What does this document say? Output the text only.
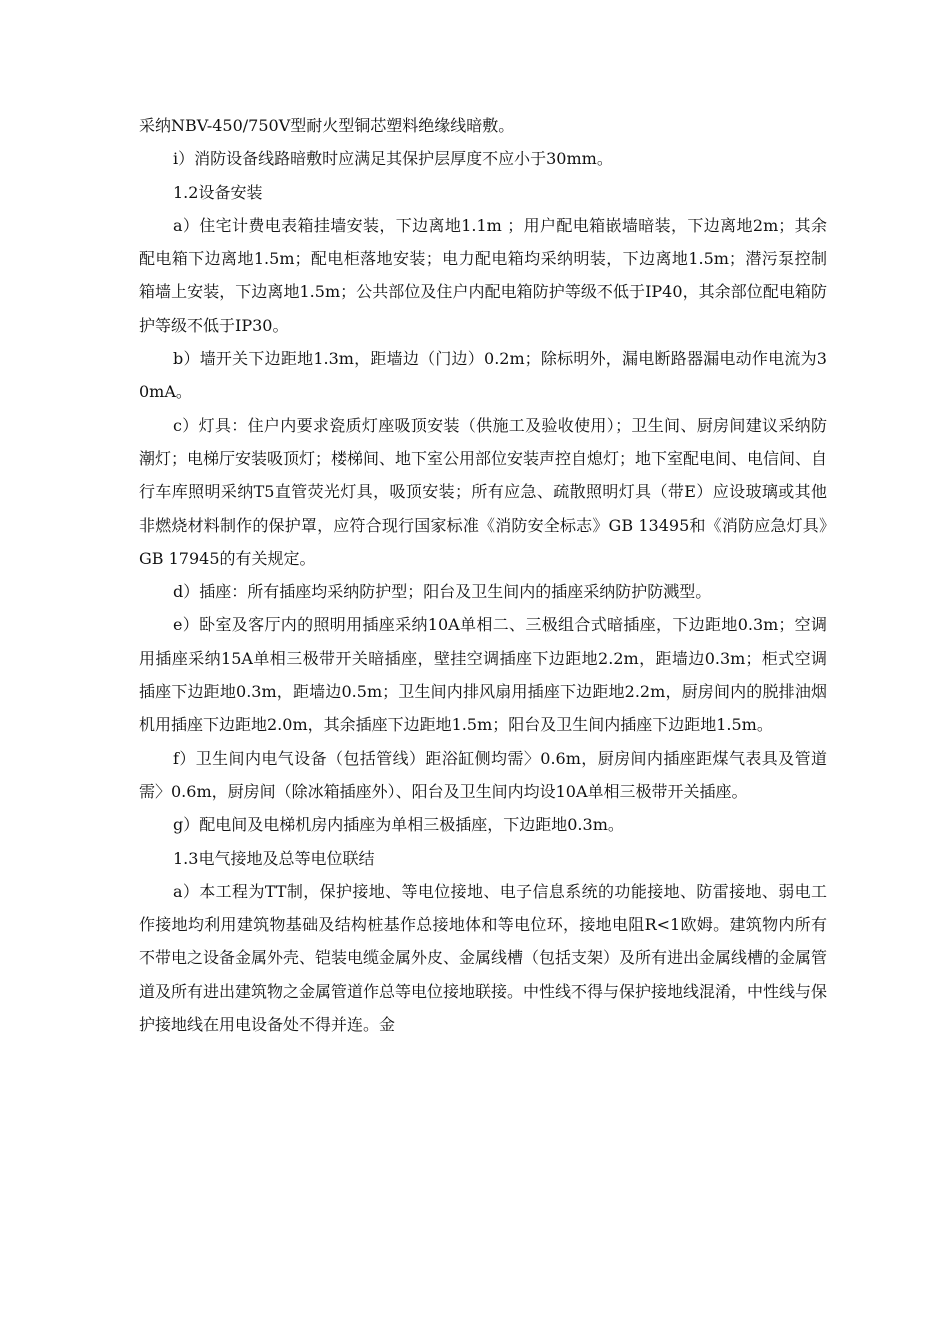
采纳NBV-450/750V型耐火型铜芯塑料绝缘线暗敷。

i）消防设备线路暗敷时应满足其保护层厚度不应小于30mm。

1.2设备安装

a）住宅计费电表箱挂墙安装，下边离地1.1m ；用户配电箱嵌墙暗装，下边离地2m；其余配电箱下边离地1.5m；配电柜落地安装；电力配电箱均采纳明装，下边离地1.5m；潜污泵控制箱墙上安装，下边离地1.5m；公共部位及住户内配电箱防护等级不低于IP40，其余部位配电箱防护等级不低于IP30。

b）墙开关下边距地1.3m，距墙边（门边）0.2m；除标明外，漏电断路器漏电动作电流为30mA。

c）灯具：住户内要求瓷质灯座吸顶安装（供施工及验收使用）；卫生间、厨房间建议采纳防潮灯；电梯厅安装吸顶灯；楼梯间、地下室公用部位安装声控自熄灯；地下室配电间、电信间、自行车库照明采纳T5直管荧光灯具，吸顶安装；所有应急、疏散照明灯具（带E）应设玻璃或其他非燃烧材料制作的保护罩，应符合现行国家标准《消防安全标志》GB 13495和《消防应急灯具》GB 17945的有关规定。

d）插座：所有插座均采纳防护型；阳台及卫生间内的插座采纳防护防溅型。

e）卧室及客厅内的照明用插座采纳10A单相二、三极组合式暗插座，下边距地0.3m；空调用插座采纳15A单相三极带开关暗插座，壁挂空调插座下边距地2.2m，距墙边0.3m；柜式空调插座下边距地0.3m，距墙边0.5m；卫生间内排风扇用插座下边距地2.2m，厨房间内的脱排油烟机用插座下边距地2.0m，其余插座下边距地1.5m；阳台及卫生间内插座下边距地1.5m。

f）卫生间内电气设备（包括管线）距浴缸侧均需〉0.6m，厨房间内插座距煤气表具及管道需〉0.6m，厨房间（除冰箱插座外）、阳台及卫生间内均设10A单相三极带开关插座。

g）配电间及电梯机房内插座为单相三极插座，下边距地0.3m。

1.3电气接地及总等电位联结

a）本工程为TT制，保护接地、等电位接地、电子信息系统的功能接地、防雷接地、弱电工作接地均利用建筑物基础及结构桩基作总接地体和等电位环，接地电阻R<1欧姆。建筑物内所有不带电之设备金属外壳、铠装电缆金属外皮、金属线槽（包括支架）及所有进出金属线槽的金属管道及所有进出建筑物之金属管道作总等电位接地联接。中性线不得与保护接地线混淆，中性线与保护接地线在用电设备处不得并连。金
